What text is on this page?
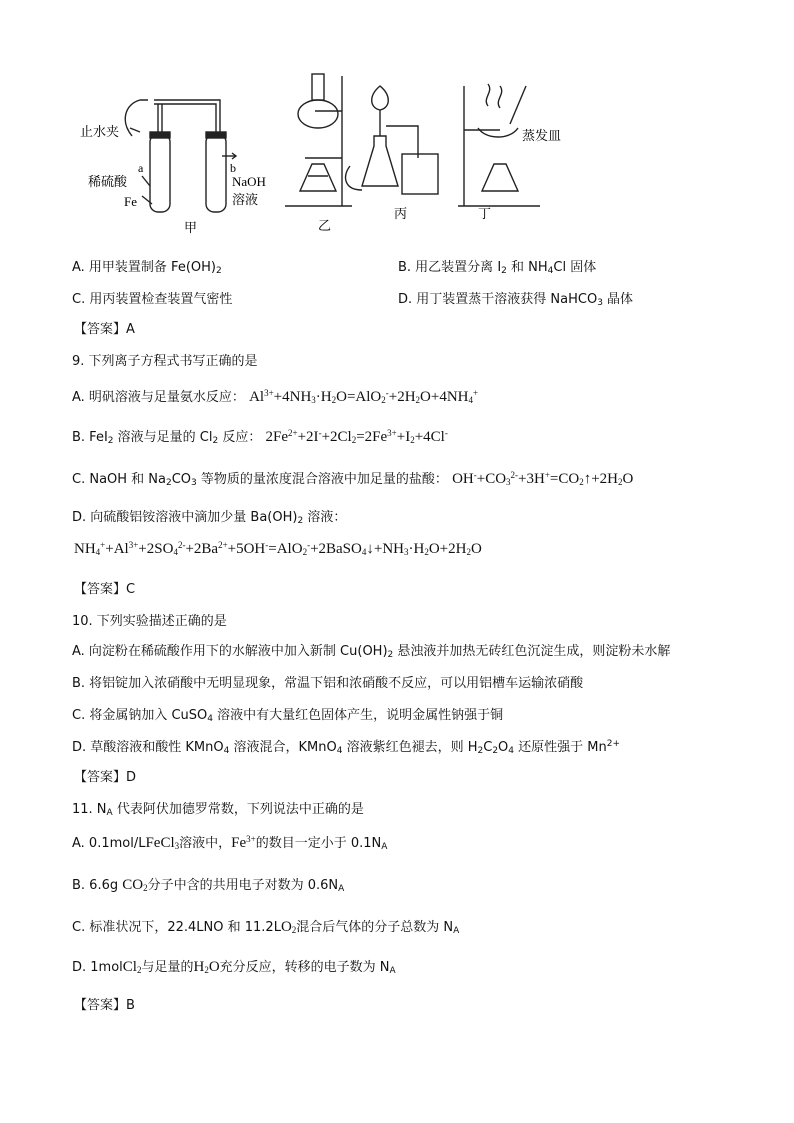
止水夹
稀硫酸
Fe
a	b
NaOH
溶液
蒸发皿
甲	乙
丙	丁
A. 用甲装置制备 $Fe(OH)_2$	B. 用乙装置分离 $I_2$ 和 $NH_4Cl$ 固体
C. 用丙装置检查装置气密性	D. 用丁装置蒸干溶液获得 NaHCO$_3$ 晶体
【答案】A
9. 下列离子方程式书写正确的是
A. 明矾溶液与足量氨水反应： $Al^{3+}+4NH_3\cdot H_2O=AlO_2^-+2H_2O+4NH_4^+$
B. FeI$_2$ 溶液与足量的 $Cl_2$ 反应： $2Fe^{2+}+2I^-+2Cl_2=2Fe^{3+}+I_2+4Cl^-$
C. NaOH 和 $Na_2CO_3$ 等物质的量浓度混合溶液中加足量的盐酸： $OH^-+CO_3^{2-}+3H^+=CO_2↑+2H_2O$
D. 向硫酸铝铵溶液中滴加少量 $Ba(OH)_2$ 溶液：
$NH_4^++Al^{3+}+2SO_4^{2-}+2Ba^{2+}+5OH^-=AlO_2^-+2BaSO_4↓+NH_3\cdot H_2O+2H_2O$
【答案】C
10. 下列实验描述正确的是
A. 向淀粉在稀硫酸作用下的水解液中加入新制 $Cu(OH)_2$ 悬浊液并加热无砖红色沉淀生成，则淀粉未水解
B. 将铝锭加入浓硝酸中无明显现象，常温下铝和浓硝酸不反应，可以用铝槽车运输浓硝酸
C. 将金属钠加入 CuSO$_4$ 溶液中有大量红色固体产生，说明金属性钠强于铜
D. 草酸溶液和酸性 KMnO$_4$ 溶液混合，KMnO$_4$ 溶液紫红色褪去，则 $H_2C_2O_4$ 还原性强于 $Mn^{2+}$
【答案】D
11. $N_A$ 代表阿伏加德罗常数，下列说法中正确的是
A. 0.1mol/LFeCl$_3$溶液中，$Fe^{3+}$的数目一定小于 $0.1N_A$
B. 6.6g $CO_2$分子中含的共用电子对数为 $0.6N_A$
C. 标准状况下，22.4LNO 和 $11.2LO_2$混合后气体的分子总数为 $N_A$
D. 1molCl$_2$与足量的$H_2O$充分反应，转移的电子数为 $N_A$
【答案】B
